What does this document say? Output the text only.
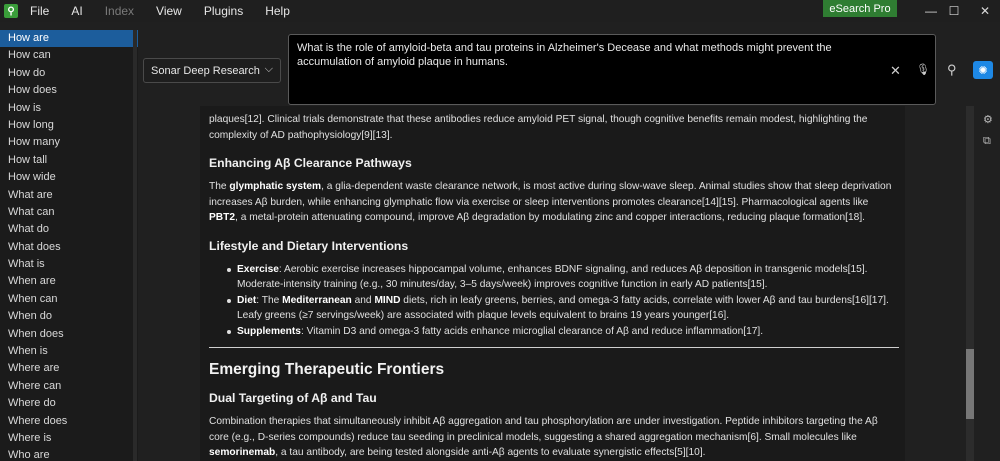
⚲ File AI Index View Plugins Help	eSearch Pro	— ☐	✕
How are
How can
How do
How does
How is
How long
How many
How tall
How wide
What are
What can
What do
What does
What is
When are
When can
When do
When does
When is
Where are
Where can
Where do
Where does
Where is
Who are
Sonar Deep Research ⌵
What is the role of amyloid-beta and tau proteins in Alzheimer's Decease and what methods might prevent the accumulation of amyloid plaque in humans.
✕ 🎙 ⚲ ✺
plaques[12]. Clinical trials demonstrate that these antibodies reduce amyloid PET signal, though cognitive benefits remain modest, highlighting the complexity of AD pathophysiology[9][13].
Enhancing Aβ Clearance Pathways
The glymphatic system, a glia-dependent waste clearance network, is most active during slow-wave sleep. Animal studies show that sleep deprivation increases Aβ burden, while enhancing glymphatic flow via exercise or sleep interventions promotes clearance[14][15]. Pharmacological agents like PBT2, a metal-protein attenuating compound, improve Aβ degradation by modulating zinc and copper interactions, reducing plaque formation[18].
Lifestyle and Dietary Interventions
Exercise: Aerobic exercise increases hippocampal volume, enhances BDNF signaling, and reduces Aβ deposition in transgenic models[15]. Moderate-intensity training (e.g., 30 minutes/day, 3–5 days/week) improves cognitive function in early AD patients[15].
Diet: The Mediterranean and MIND diets, rich in leafy greens, berries, and omega-3 fatty acids, correlate with lower Aβ and tau burdens[16][17]. Leafy greens (≥7 servings/week) are associated with plaque levels equivalent to brains 19 years younger[16].
Supplements: Vitamin D3 and omega-3 fatty acids enhance microglial clearance of Aβ and reduce inflammation[17].
Emerging Therapeutic Frontiers
Dual Targeting of Aβ and Tau
Combination therapies that simultaneously inhibit Aβ aggregation and tau phosphorylation are under investigation. Peptide inhibitors targeting the Aβ core (e.g., D-series compounds) reduce tau seeding in preclinical models, suggesting a shared aggregation mechanism[6]. Small molecules like semorinemab, a tau antibody, are being tested alongside anti-Aβ agents to evaluate synergistic effects[5][10].
⚙
⧉
